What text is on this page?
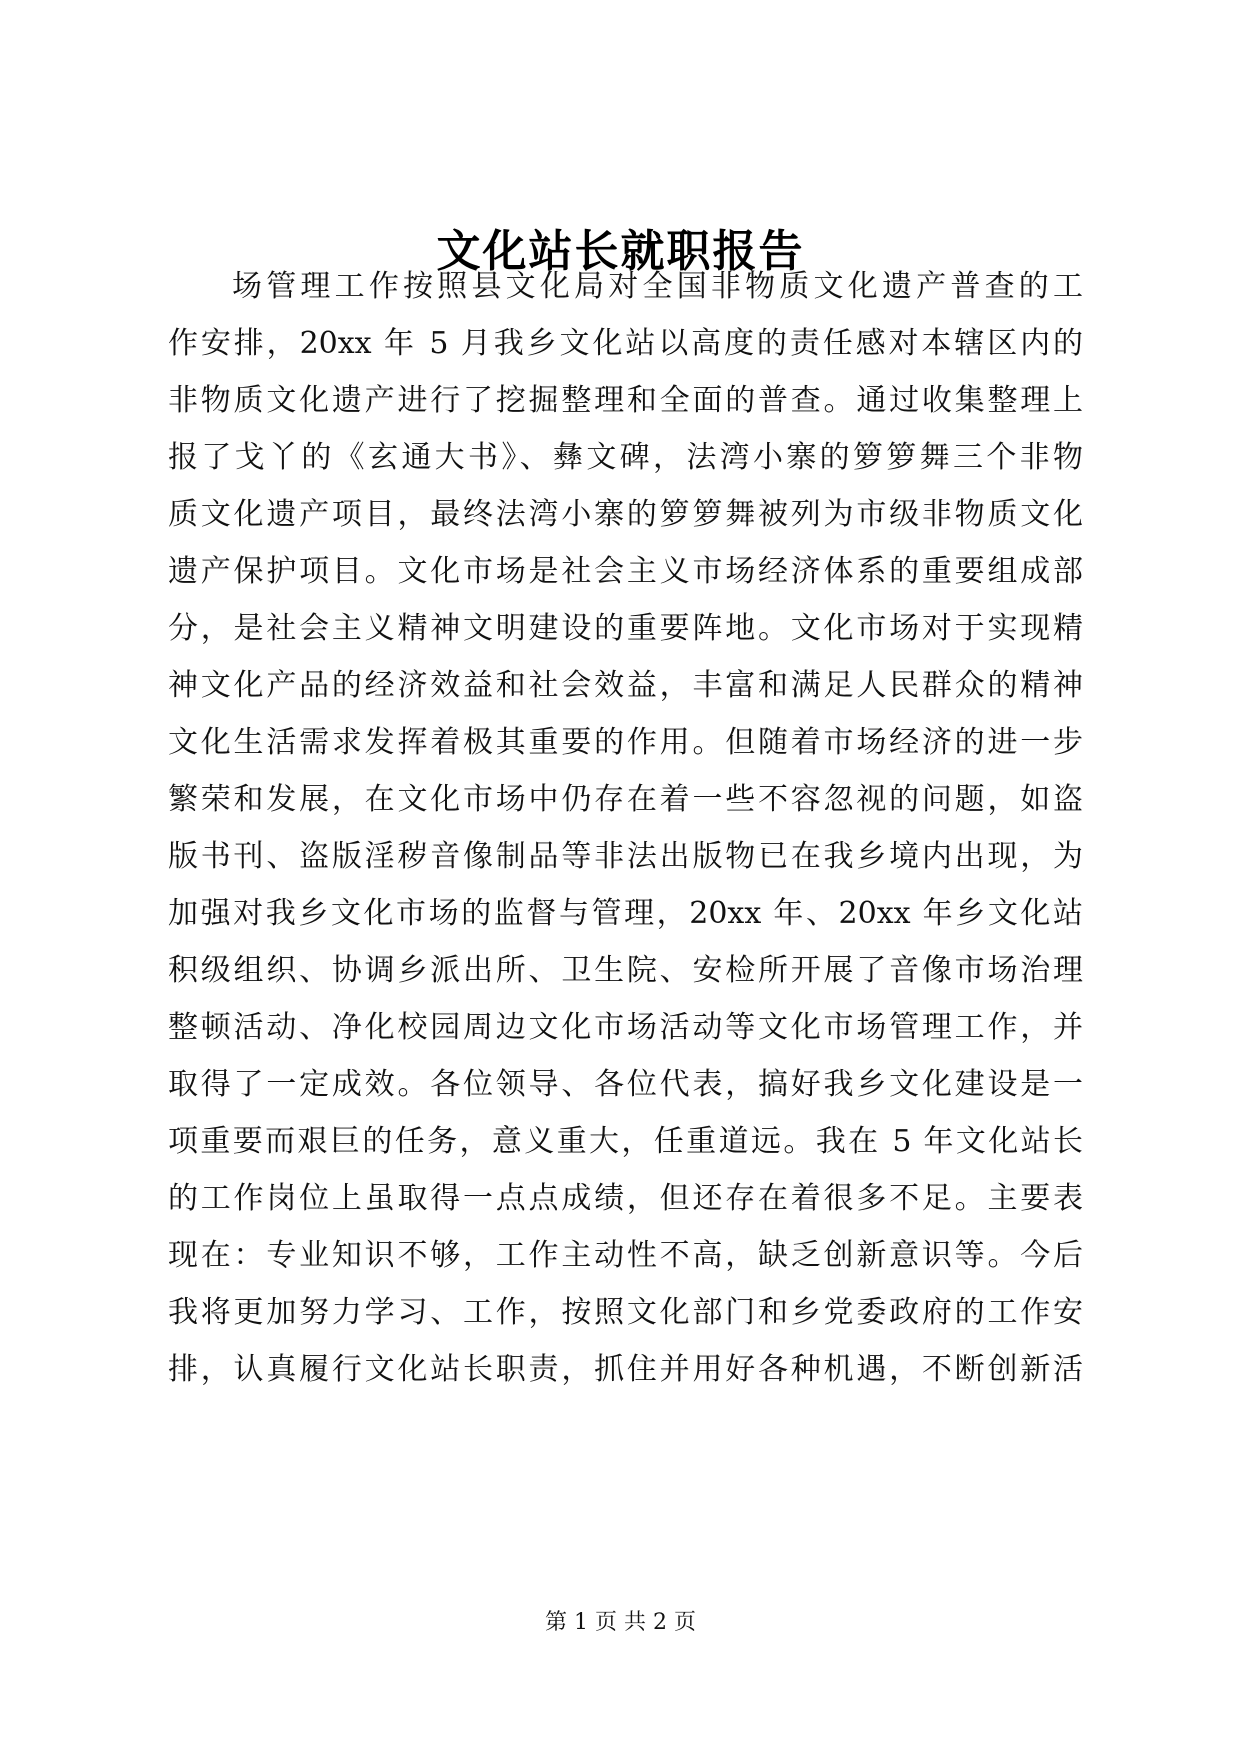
文化站长就职报告
场管理工作按照县文化局对全国非物质文化遗产普查的工
作安排，20xx 年 5 月我乡文化站以高度的责任感对本辖区内的
非物质文化遗产进行了挖掘整理和全面的普查。通过收集整理上
报了戈丫的《玄通大书》、彝文碑，法湾小寨的箩箩舞三个非物
质文化遗产项目，最终法湾小寨的箩箩舞被列为市级非物质文化
遗产保护项目。文化市场是社会主义市场经济体系的重要组成部
分，是社会主义精神文明建设的重要阵地。文化市场对于实现精
神文化产品的经济效益和社会效益，丰富和满足人民群众的精神
文化生活需求发挥着极其重要的作用。但随着市场经济的进一步
繁荣和发展，在文化市场中仍存在着一些不容忽视的问题，如盗
版书刊、盗版淫秽音像制品等非法出版物已在我乡境内出现，为
加强对我乡文化市场的监督与管理，20xx 年、20xx 年乡文化站
积级组织、协调乡派出所、卫生院、安检所开展了音像市场治理
整顿活动、净化校园周边文化市场活动等文化市场管理工作，并
取得了一定成效。各位领导、各位代表，搞好我乡文化建设是一
项重要而艰巨的任务，意义重大，任重道远。我在 5 年文化站长
的工作岗位上虽取得一点点成绩，但还存在着很多不足。主要表
现在：专业知识不够，工作主动性不高，缺乏创新意识等。今后
我将更加努力学习、工作，按照文化部门和乡党委政府的工作安
排，认真履行文化站长职责，抓住并用好各种机遇，不断创新活
第 1 页 共 2 页
